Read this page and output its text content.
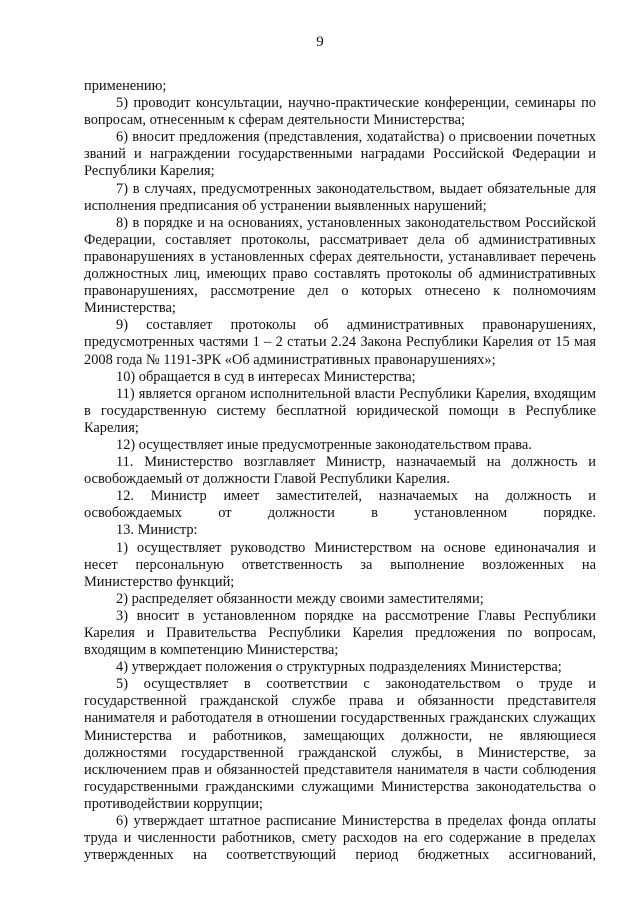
9

применению;

5) проводит консультации, научно-практические конференции, семинары по вопросам, отнесенным к сферам деятельности Министерства;

6) вносит предложения (представления, ходатайства) о присвоении почетных званий и награждении государственными наградами Российской Федерации и Республики Карелия;

7) в случаях, предусмотренных законодательством, выдает обязательные для исполнения предписания об устранении выявленных нарушений;

8) в порядке и на основаниях, установленных законодательством Российской Федерации, составляет протоколы, рассматривает дела об административных правонарушениях в установленных сферах деятельности, устанавливает перечень должностных лиц, имеющих право составлять протоколы об административных правонарушениях, рассмотрение дел о которых отнесено к полномочиям Министерства;

9) составляет протоколы об административных правонарушениях, предусмотренных частями 1 – 2 статьи 2.24 Закона Республики Карелия от 15 мая 2008 года № 1191-ЗРК «Об административных правонарушениях»;

10) обращается в суд в интересах Министерства;

11) является органом исполнительной власти Республики Карелия, входящим в государственную систему бесплатной юридической помощи в Республике Карелия;

12) осуществляет иные предусмотренные законодательством права.

11. Министерство возглавляет Министр, назначаемый на должность и освобождаемый от должности Главой Республики Карелия.

12. Министр имеет заместителей, назначаемых на должность и освобождаемых от должности в установленном порядке.

13. Министр:

1) осуществляет руководство Министерством на основе единоначалия и несет персональную ответственность за выполнение возложенных на Министерство функций;

2) распределяет обязанности между своими заместителями;

3) вносит в установленном порядке на рассмотрение Главы Республики Карелия и Правительства Республики Карелия предложения по вопросам, входящим в компетенцию Министерства;

4) утверждает положения о структурных подразделениях Министерства;

5) осуществляет в соответствии с законодательством о труде и государственной гражданской службе права и обязанности представителя нанимателя и работодателя в отношении государственных гражданских служащих Министерства и работников, замещающих должности, не являющиеся должностями государственной гражданской службы, в Министерстве, за исключением прав и обязанностей представителя нанимателя в части соблюдения государственными гражданскими служащими Министерства законодательства о противодействии коррупции;

6) утверждает штатное расписание Министерства в пределах фонда оплаты труда и численности работников, смету расходов на его содержание в пределах утвержденных на соответствующий период бюджетных ассигнований,
